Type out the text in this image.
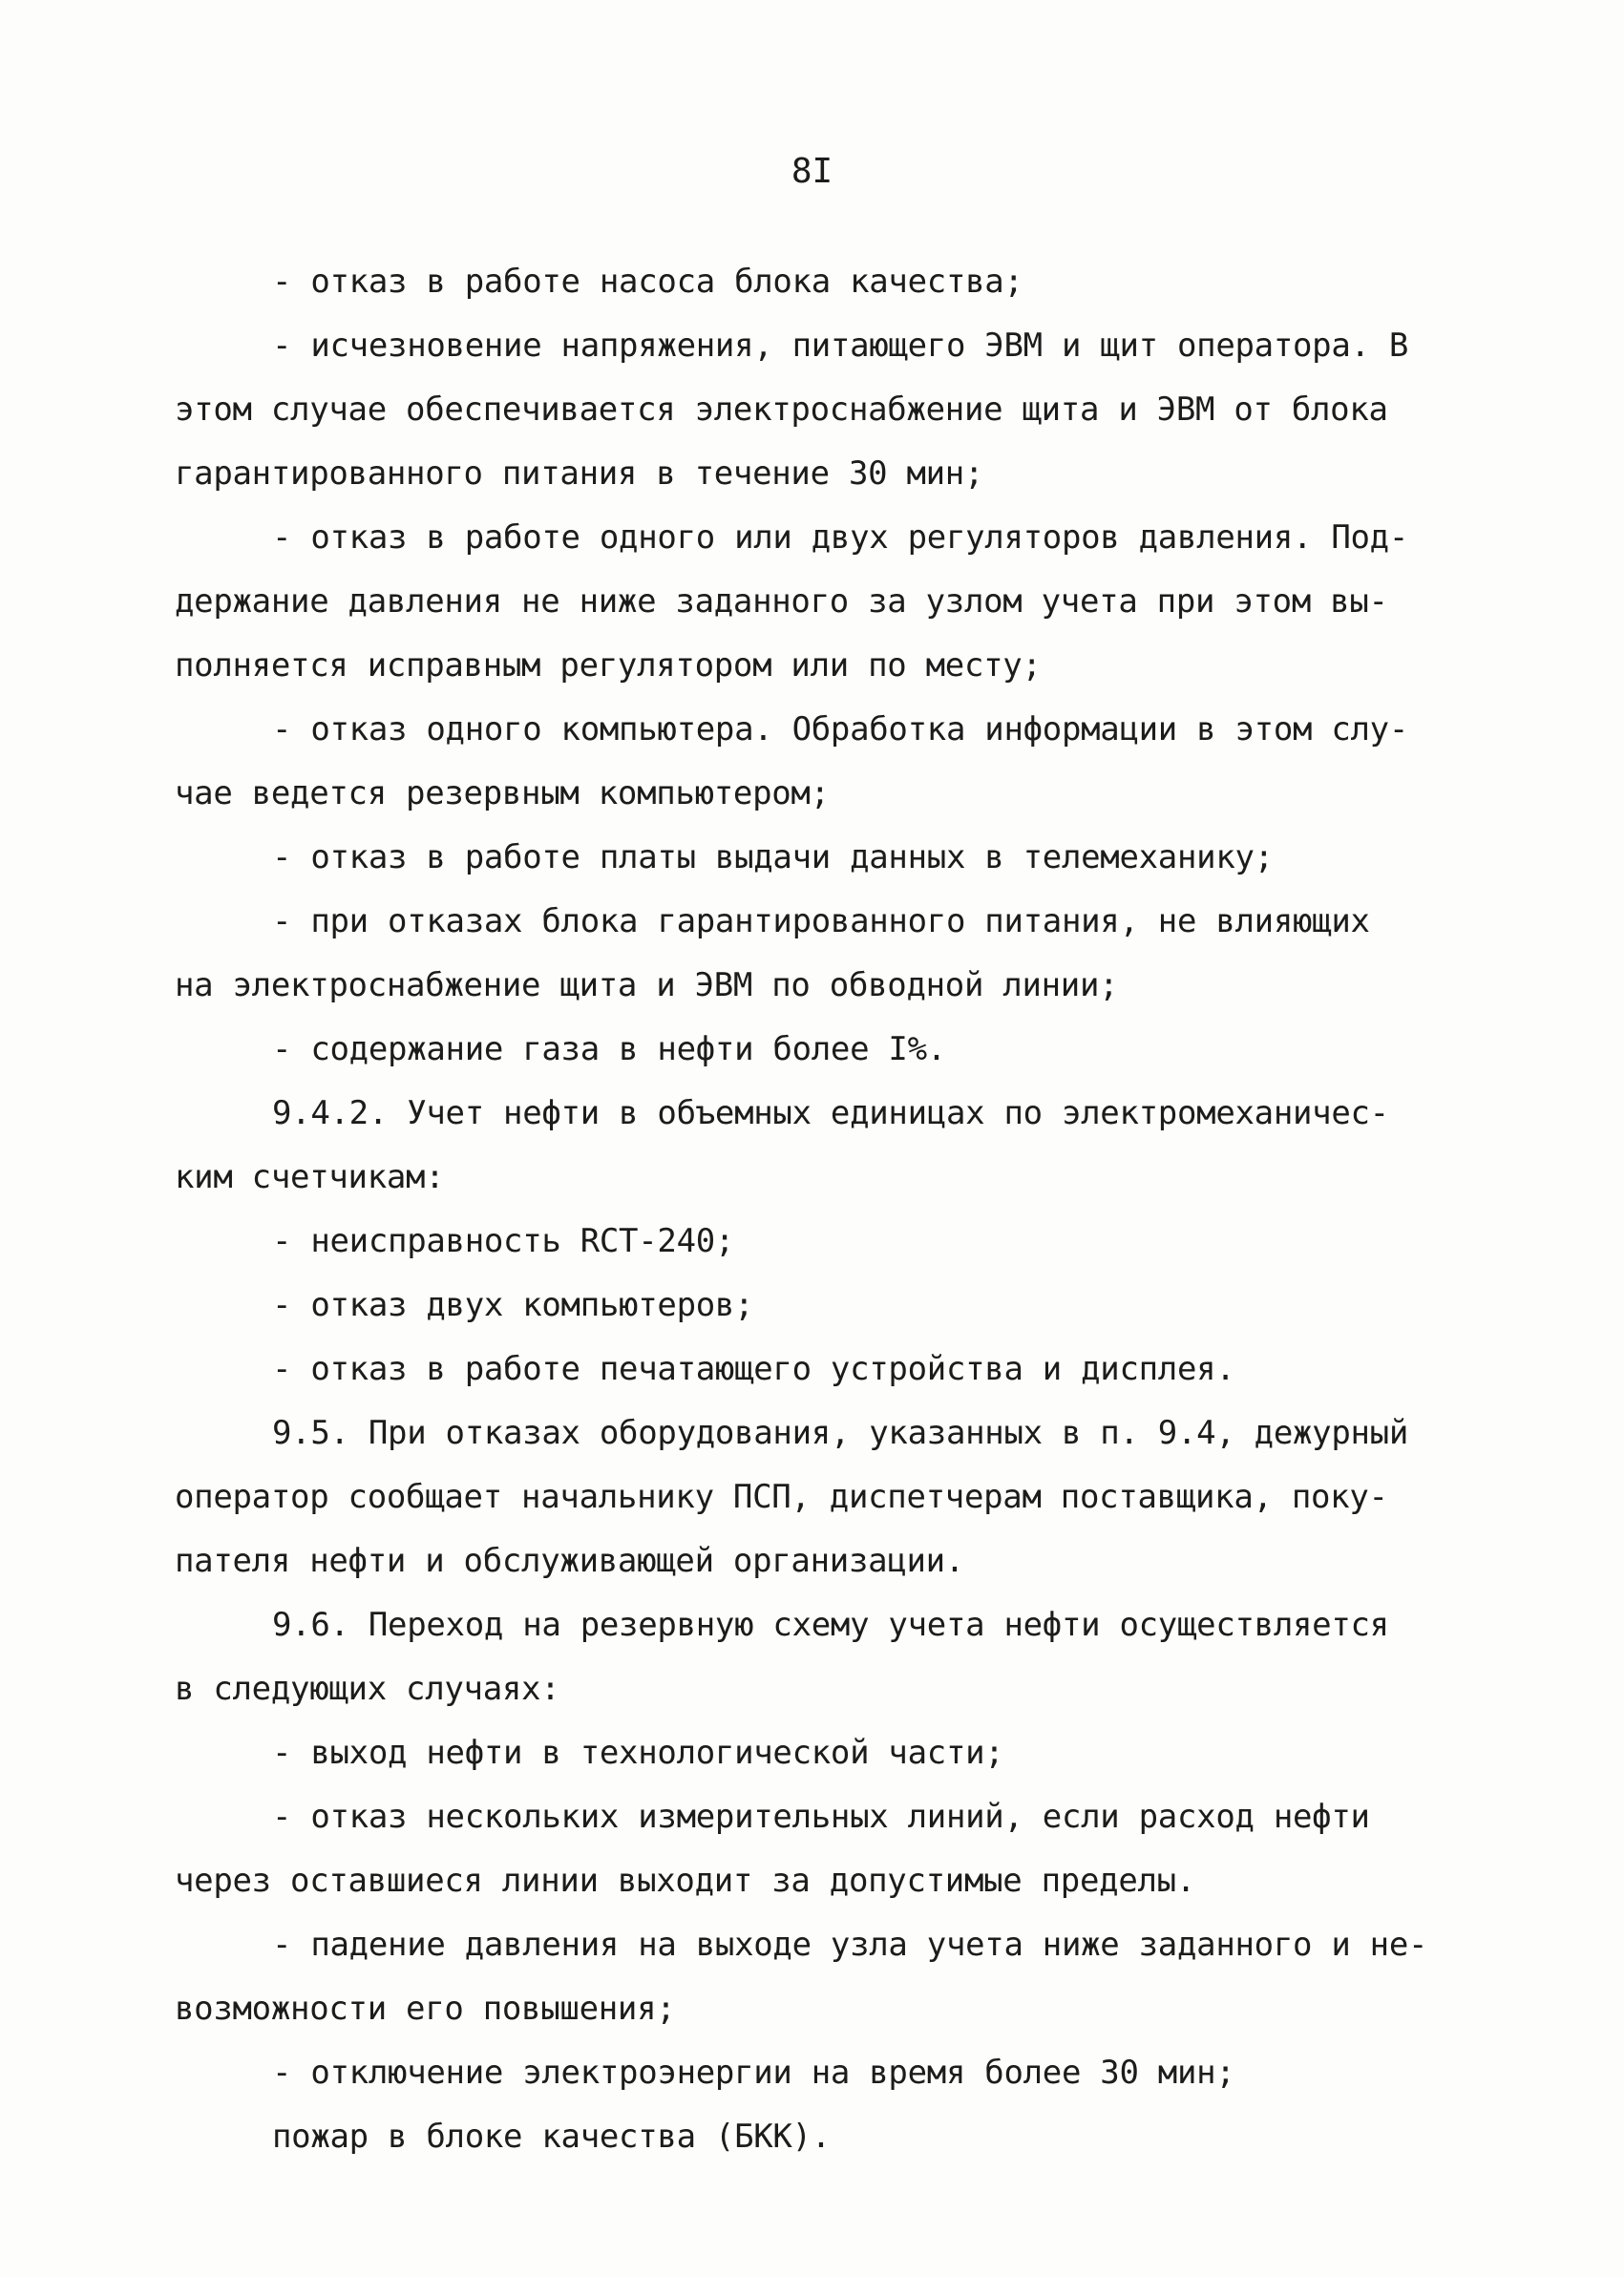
8I
- отказ в работе насоса блока качества;
- исчезновение напряжения, питающего ЭВМ и щит оператора. В
этом случае обеспечивается электроснабжение щита и ЭВМ от блока
гарантированного питания в течение 30 мин;
- отказ в работе одного или двух регуляторов давления. Под-
держание давления не ниже заданного за узлом учета при этом вы-
полняется исправным регулятором или по месту;
- отказ одного компьютера. Обработка информации в этом слу-
чае ведется резервным компьютером;
- отказ в работе платы выдачи данных в телемеханику;
- при отказах блока гарантированного питания, не влияющих
на электроснабжение щита и ЭВМ по обводной линии;
- содержание газа в нефти более I%.
9.4.2. Учет нефти в объемных единицах по электромеханичес-
ким счетчикам:
- неисправность RCT-240;
- отказ двух компьютеров;
- отказ в работе печатающего устройства и дисплея.
9.5. При отказах оборудования, указанных в п. 9.4, дежурный
оператор сообщает начальнику ПСП, диспетчерам поставщика, поку-
пателя нефти и обслуживающей организации.
9.6. Переход на резервную схему учета нефти осуществляется
в следующих случаях:
- выход нефти в технологической части;
- отказ нескольких измерительных линий, если расход нефти
через оставшиеся линии выходит за допустимые пределы.
- падение давления на выходе узла учета ниже заданного и не-
возможности его повышения;
- отключение электроэнергии на время более 30 мин;
пожар в блоке качества (БКК).
